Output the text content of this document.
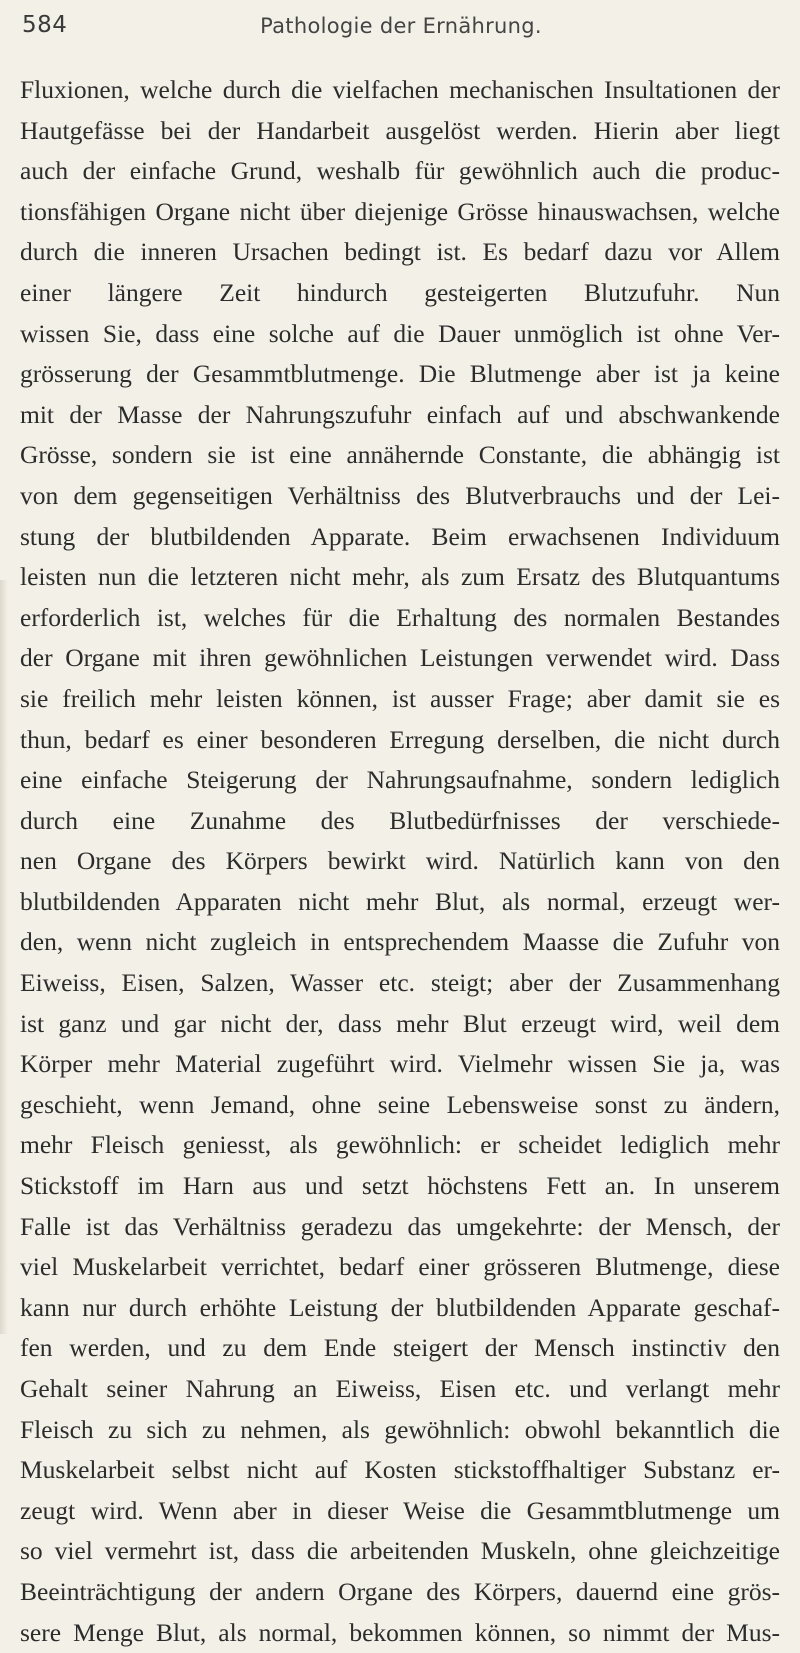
584	Pathologie der Ernährung.
Fluxionen, welche durch die vielfachen mechanischen Insultationen der
Hautgefässe bei der Handarbeit ausgelöst werden. Hierin aber liegt
auch der einfache Grund, weshalb für gewöhnlich auch die produc-
tionsfähigen Organe nicht über diejenige Grösse hinauswachsen, welche
durch die inneren Ursachen bedingt ist. Es bedarf dazu vor Allem
einer längere Zeit hindurch gesteigerten Blutzufuhr. Nun
wissen Sie, dass eine solche auf die Dauer unmöglich ist ohne Ver-
grösserung der Gesammtblutmenge. Die Blutmenge aber ist ja keine
mit der Masse der Nahrungszufuhr einfach auf und abschwankende
Grösse, sondern sie ist eine annähernde Constante, die abhängig ist
von dem gegenseitigen Verhältniss des Blutverbrauchs und der Lei-
stung der blutbildenden Apparate. Beim erwachsenen Individuum
leisten nun die letzteren nicht mehr, als zum Ersatz des Blutquantums
erforderlich ist, welches für die Erhaltung des normalen Bestandes
der Organe mit ihren gewöhnlichen Leistungen verwendet wird. Dass
sie freilich mehr leisten können, ist ausser Frage; aber damit sie es
thun, bedarf es einer besonderen Erregung derselben, die nicht durch
eine einfache Steigerung der Nahrungsaufnahme, sondern lediglich
durch eine Zunahme des Blutbedürfnisses der verschiede-
nen Organe des Körpers bewirkt wird. Natürlich kann von den
blutbildenden Apparaten nicht mehr Blut, als normal, erzeugt wer-
den, wenn nicht zugleich in entsprechendem Maasse die Zufuhr von
Eiweiss, Eisen, Salzen, Wasser etc. steigt; aber der Zusammenhang
ist ganz und gar nicht der, dass mehr Blut erzeugt wird, weil dem
Körper mehr Material zugeführt wird. Vielmehr wissen Sie ja, was
geschieht, wenn Jemand, ohne seine Lebensweise sonst zu ändern,
mehr Fleisch geniesst, als gewöhnlich: er scheidet lediglich mehr
Stickstoff im Harn aus und setzt höchstens Fett an. In unserem
Falle ist das Verhältniss geradezu das umgekehrte: der Mensch, der
viel Muskelarbeit verrichtet, bedarf einer grösseren Blutmenge, diese
kann nur durch erhöhte Leistung der blutbildenden Apparate geschaf-
fen werden, und zu dem Ende steigert der Mensch instinctiv den
Gehalt seiner Nahrung an Eiweiss, Eisen etc. und verlangt mehr
Fleisch zu sich zu nehmen, als gewöhnlich: obwohl bekanntlich die
Muskelarbeit selbst nicht auf Kosten stickstoffhaltiger Substanz er-
zeugt wird. Wenn aber in dieser Weise die Gesammtblutmenge um
so viel vermehrt ist, dass die arbeitenden Muskeln, ohne gleichzeitige
Beeinträchtigung der andern Organe des Körpers, dauernd eine grös-
sere Menge Blut, als normal, bekommen können, so nimmt der Mus-
